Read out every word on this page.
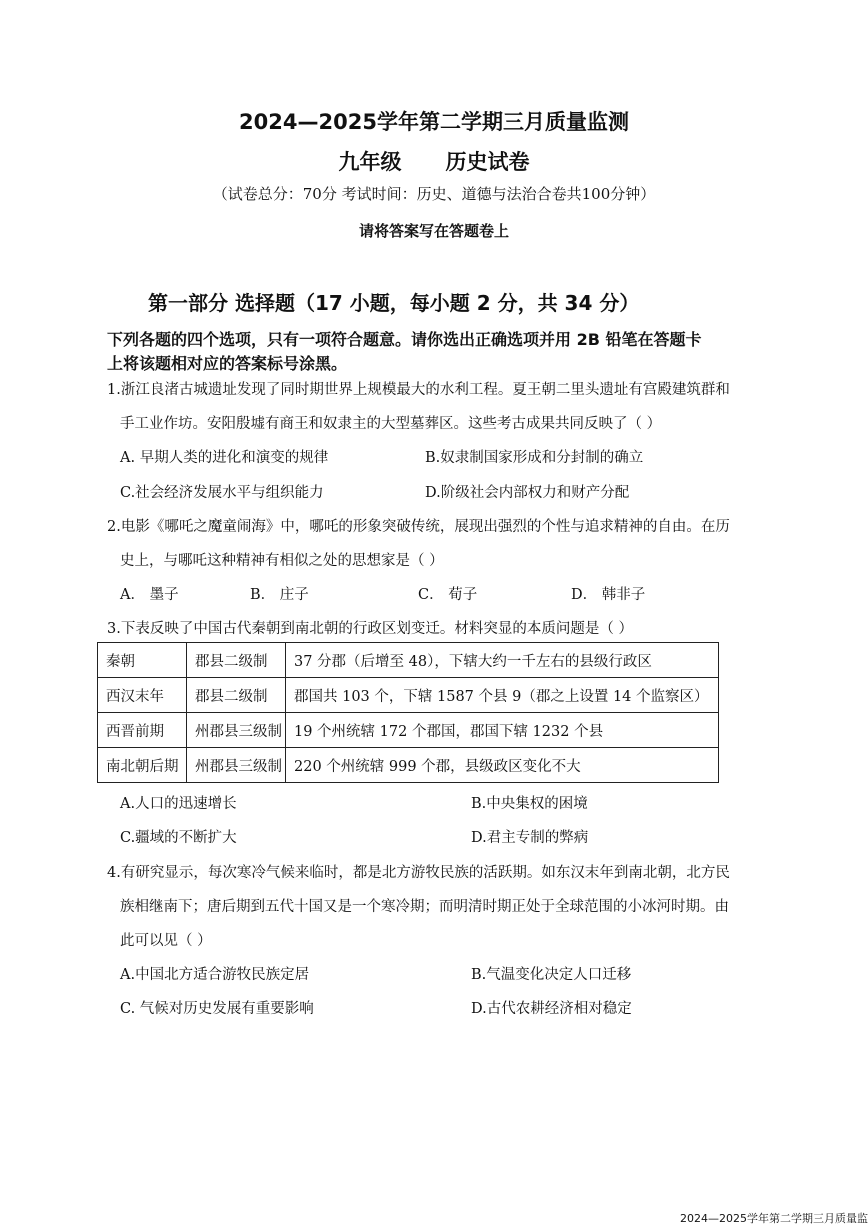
2024—2025学年第二学期三月质量监测
九年级 历史试卷
（试卷总分：70分 考试时间：历史、道德与法治合卷共100分钟）
请将答案写在答题卷上
第一部分 选择题（17 小题，每小题 2 分，共 34 分）
下列各题的四个选项，只有一项符合题意。请你选出正确选项并用 2B 铅笔在答题卡
上将该题相对应的答案标号涂黑。
1.浙江良渚古城遗址发现了同时期世界上规模最大的水利工程。夏王朝二里头遗址有宫殿建筑群和
手工业作坊。安阳殷墟有商王和奴隶主的大型墓葬区。这些考古成果共同反映了（ ）
A. 早期人类的进化和演变的规律	B.奴隶制国家形成和分封制的确立
C.社会经济发展水平与组织能力	D.阶级社会内部权力和财产分配
2.电影《哪吒之魔童闹海》中，哪吒的形象突破传统，展现出强烈的个性与追求精神的自由。在历
史上，与哪吒这种精神有相似之处的思想家是（ ）
A． 墨子	B． 庄子	C． 荀子	D． 韩非子
3.下表反映了中国古代秦朝到南北朝的行政区划变迁。材料突显的本质问题是（ ）
秦朝	郡县二级制	37 分郡（后增至 48），下辖大约一千左右的县级行政区
西汉末年	郡县二级制	郡国共 103 个，下辖 1587 个县 9（郡之上设置 14 个监察区）
西晋前期	州郡县三级制	19 个州统辖 172 个郡国，郡国下辖 1232 个县
南北朝后期	州郡县三级制	220 个州统辖 999 个郡，县级政区变化不大
A.人口的迅速增长	B.中央集权的困境
C.疆域的不断扩大	D.君主专制的弊病
4.有研究显示，每次寒冷气候来临时，都是北方游牧民族的活跃期。如东汉末年到南北朝，北方民
族相继南下；唐后期到五代十国又是一个寒冷期；而明清时期正处于全球范围的小冰河时期。由
此可以见（ ）
A.中国北方适合游牧民族定居	B.气温变化决定人口迁移
C. 气候对历史发展有重要影响	D.古代农耕经济相对稳定
2024—2025学年第二学期三月质量监
